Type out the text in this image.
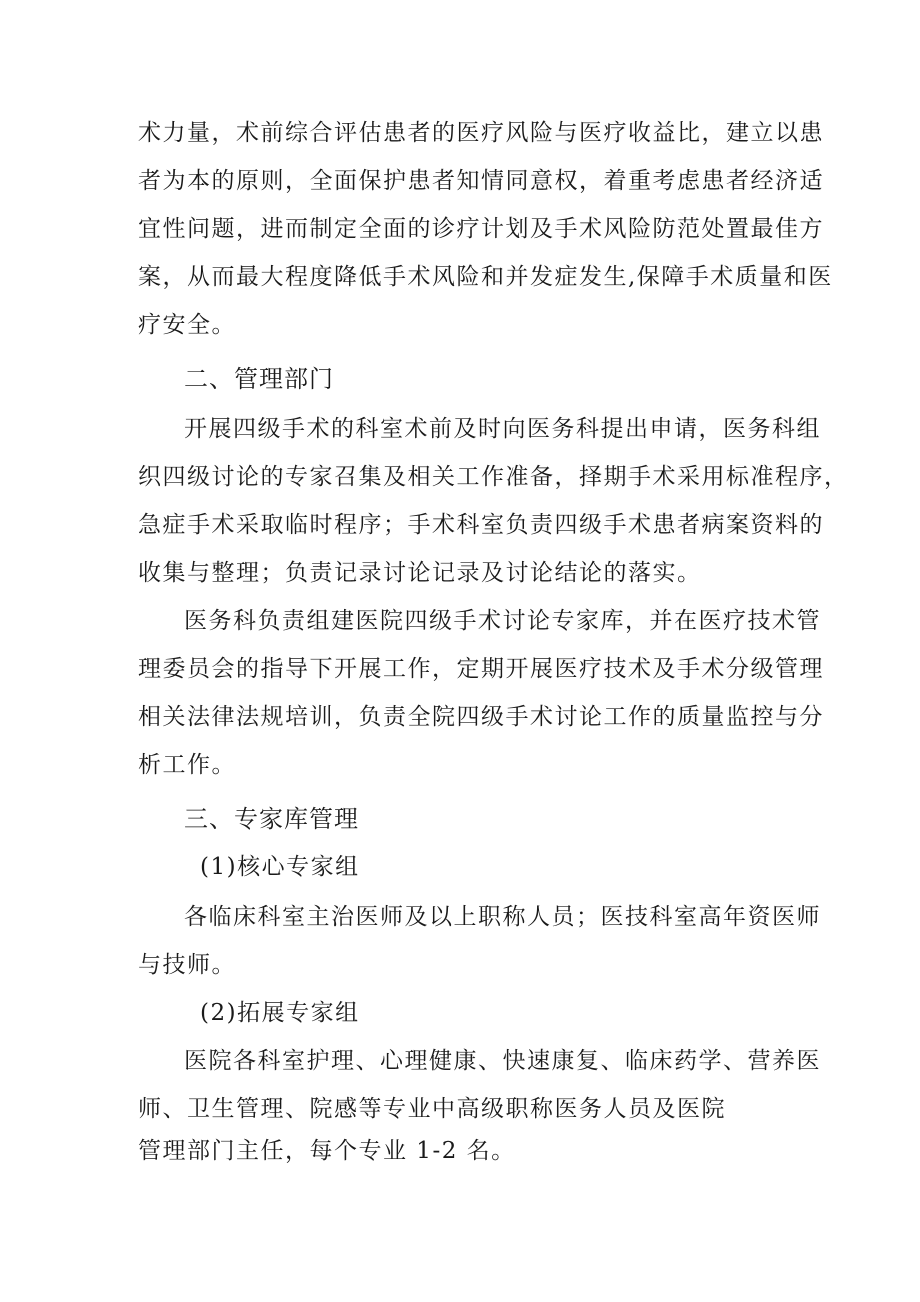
术力量，术前综合评估患者的医疗风险与医疗收益比，建立以患
者为本的原则，全面保护患者知情同意权，着重考虑患者经济适
宜性问题，进而制定全面的诊疗计划及手术风险防范处置最佳方
案，从而最大程度降低手术风险和并发症发生,保障手术质量和医
疗安全。
二、管理部门
开展四级手术的科室术前及时向医务科提出申请，医务科组
织四级讨论的专家召集及相关工作准备，择期手术采用标准程序，
急症手术采取临时程序；手术科室负责四级手术患者病案资料的
收集与整理；负责记录讨论记录及讨论结论的落实。
医务科负责组建医院四级手术讨论专家库，并在医疗技术管
理委员会的指导下开展工作，定期开展医疗技术及手术分级管理
相关法律法规培训，负责全院四级手术讨论工作的质量监控与分
析工作。
三、专家库管理
(1)核心专家组
各临床科室主治医师及以上职称人员；医技科室高年资医师
与技师。
(2)拓展专家组
医院各科室护理、心理健康、快速康复、临床药学、营养医
师、卫生管理、院感等专业中高级职称医务人员及医院
管理部门主任，每个专业 1-2 名。
